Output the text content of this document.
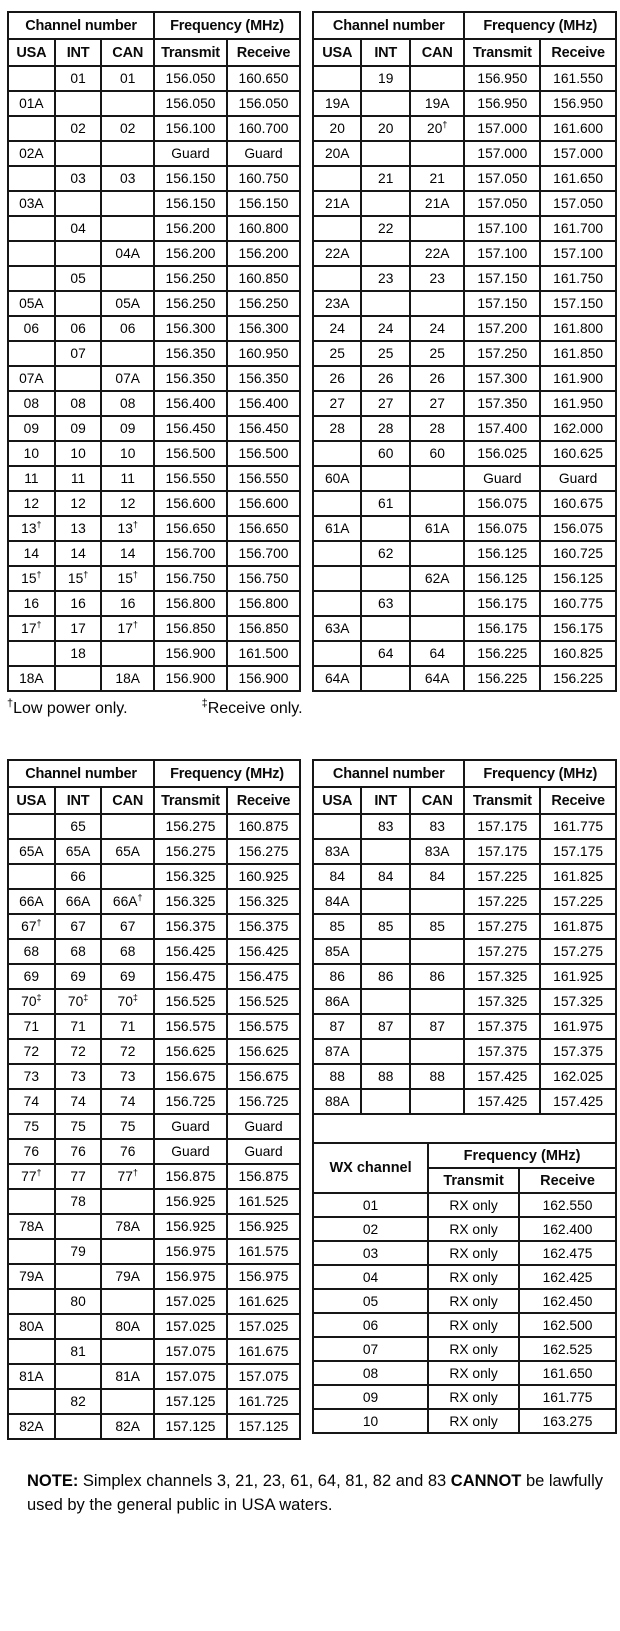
Channel number			Frequency (MHz)	
USA	INT	CAN	Transmit	Receive
	01	01	156.050	160.650
01A			156.050	156.050
	02	02	156.100	160.700
02A			Guard	Guard
	03	03	156.150	160.750
03A			156.150	156.150
	04		156.200	160.800
		04A	156.200	156.200
	05		156.250	160.850
05A		05A	156.250	156.250
06	06	06	156.300	156.300
	07		156.350	160.950
07A		07A	156.350	156.350
08	08	08	156.400	156.400
09	09	09	156.450	156.450
10	10	10	156.500	156.500
11	11	11	156.550	156.550
12	12	12	156.600	156.600
13†	13	13†	156.650	156.650
14	14	14	156.700	156.700
15†	15†	15†	156.750	156.750
16	16	16	156.800	156.800
17†	17	17†	156.850	156.850
	18		156.900	161.500
18A		18A	156.900	156.900
Channel number			Frequency (MHz)	
USA	INT	CAN	Transmit	Receive
	19		156.950	161.550
19A		19A	156.950	156.950
20	20	20†	157.000	161.600
20A			157.000	157.000
	21	21	157.050	161.650
21A		21A	157.050	157.050
	22		157.100	161.700
22A		22A	157.100	157.100
	23	23	157.150	161.750
23A			157.150	157.150
24	24	24	157.200	161.800
25	25	25	157.250	161.850
26	26	26	157.300	161.900
27	27	27	157.350	161.950
28	28	28	157.400	162.000
	60	60	156.025	160.625
60A			Guard	Guard
	61		156.075	160.675
61A		61A	156.075	156.075
	62		156.125	160.725
		62A	156.125	156.125
	63		156.175	160.775
63A			156.175	156.175
	64	64	156.225	160.825
64A		64A	156.225	156.225
†Low power only.	‡Receive only.
Channel number			Frequency (MHz)	
USA	INT	CAN	Transmit	Receive
	65		156.275	160.875
65A	65A	65A	156.275	156.275
	66		156.325	160.925
66A	66A	66A†	156.325	156.325
67†	67	67	156.375	156.375
68	68	68	156.425	156.425
69	69	69	156.475	156.475
70‡	70‡	70‡	156.525	156.525
71	71	71	156.575	156.575
72	72	72	156.625	156.625
73	73	73	156.675	156.675
74	74	74	156.725	156.725
75	75	75	Guard	Guard
76	76	76	Guard	Guard
77†	77	77†	156.875	156.875
	78		156.925	161.525
78A		78A	156.925	156.925
	79		156.975	161.575
79A		79A	156.975	156.975
	80		157.025	161.625
80A		80A	157.025	157.025
	81		157.075	161.675
81A		81A	157.075	157.075
	82		157.125	161.725
82A		82A	157.125	157.125
Channel number			Frequency (MHz)	
USA	INT	CAN	Transmit	Receive
	83	83	157.175	161.775
83A		83A	157.175	157.175
84	84	84	157.225	161.825
84A			157.225	157.225
85	85	85	157.275	161.875
85A			157.275	157.275
86	86	86	157.325	161.925
86A			157.325	157.325
87	87	87	157.375	161.975
87A			157.375	157.375
88	88	88	157.425	162.025
88A			157.425	157.425
WX channel	Frequency (MHz)	
	Transmit	Receive
01	RX only	162.550
02	RX only	162.400
03	RX only	162.475
04	RX only	162.425
05	RX only	162.450
06	RX only	162.500
07	RX only	162.525
08	RX only	161.650
09	RX only	161.775
10	RX only	163.275

NOTE: Simplex channels 3, 21, 23, 61, 64, 81, 82 and 83 CANNOT be lawfully used by the general public in USA waters.
